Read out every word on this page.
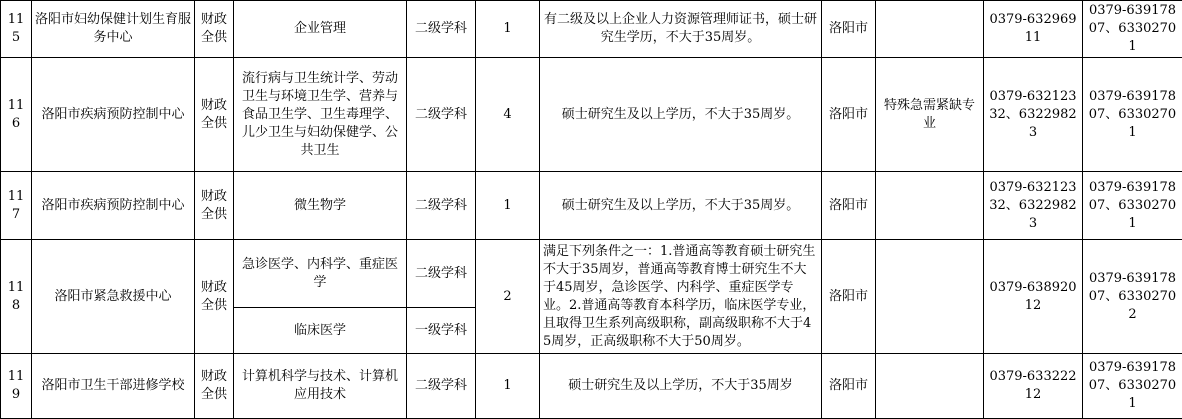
115	洛阳市妇幼保健计划生育服务中心	财政全供	企业管理	二级学科	1	有二级及以上企业人力资源管理师证书，硕士研究生学历，不大于35周岁。	洛阳市		0379-63296911	0379-63917807、63302701
116	洛阳市疾病预防控制中心	财政全供	流行病与卫生统计学、劳动卫生与环境卫生学、营养与食品卫生学、卫生毒理学、儿少卫生与妇幼保健学、公共卫生	二级学科	4	硕士研究生及以上学历，不大于35周岁。	洛阳市	特殊急需紧缺专业	0379-63212332、63229823	0379-63917807、63302701
117	洛阳市疾病预防控制中心	财政全供	微生物学	二级学科	1	硕士研究生及以上学历，不大于35周岁。	洛阳市		0379-63212332、63229823	0379-63917807、63302701
118	洛阳市紧急救援中心	财政全供	急诊医学、内科学、重症医学	二级学科	2	满足下列条件之一：1.普通高等教育硕士研究生不大于35周岁，普通高等教育博士研究生不大于45周岁，急诊医学、内科学、重症医学专业。2.普通高等教育本科学历，临床医学专业，且取得卫生系列高级职称，副高级职称不大于45周岁，正高级职称不大于50周岁。	洛阳市		0379-63892012	0379-63917807、63302702
			临床医学	一级学科						
119	洛阳市卫生干部进修学校	财政全供	计算机科学与技术、计算机应用技术	二级学科	1	硕士研究生及以上学历，不大于35周岁	洛阳市		0379-63322212	0379-63917807、63302701
